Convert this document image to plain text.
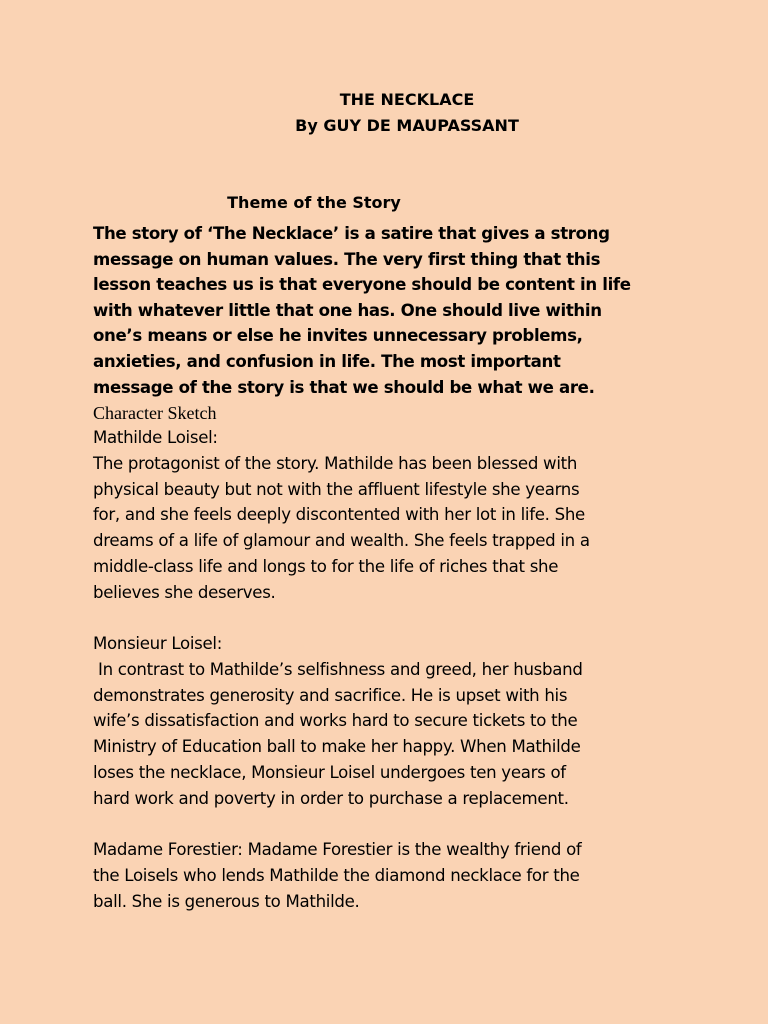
THE NECKLACE
By GUY DE MAUPASSANT
Theme of the Story
The story of ‘The Necklace’ is a satire that gives a strong
message on human values. The very first thing that this
lesson teaches us is that everyone should be content in life
with whatever little that one has. One should live within
one’s means or else he invites unnecessary problems,
anxieties, and confusion in life. The most important
message of the story is that we should be what we are.
Character Sketch
Mathilde Loisel:
The protagonist of the story. Mathilde has been blessed with
physical beauty but not with the affluent lifestyle she yearns
for, and she feels deeply discontented with her lot in life. She
dreams of a life of glamour and wealth. She feels trapped in a
middle-class life and longs to for the life of riches that she
believes she deserves.
Monsieur Loisel:
In contrast to Mathilde’s selfishness and greed, her husband
demonstrates generosity and sacrifice. He is upset with his
wife’s dissatisfaction and works hard to secure tickets to the
Ministry of Education ball to make her happy. When Mathilde
loses the necklace, Monsieur Loisel undergoes ten years of
hard work and poverty in order to purchase a replacement.
Madame Forestier: Madame Forestier is the wealthy friend of
the Loisels who lends Mathilde the diamond necklace for the
ball. She is generous to Mathilde.
